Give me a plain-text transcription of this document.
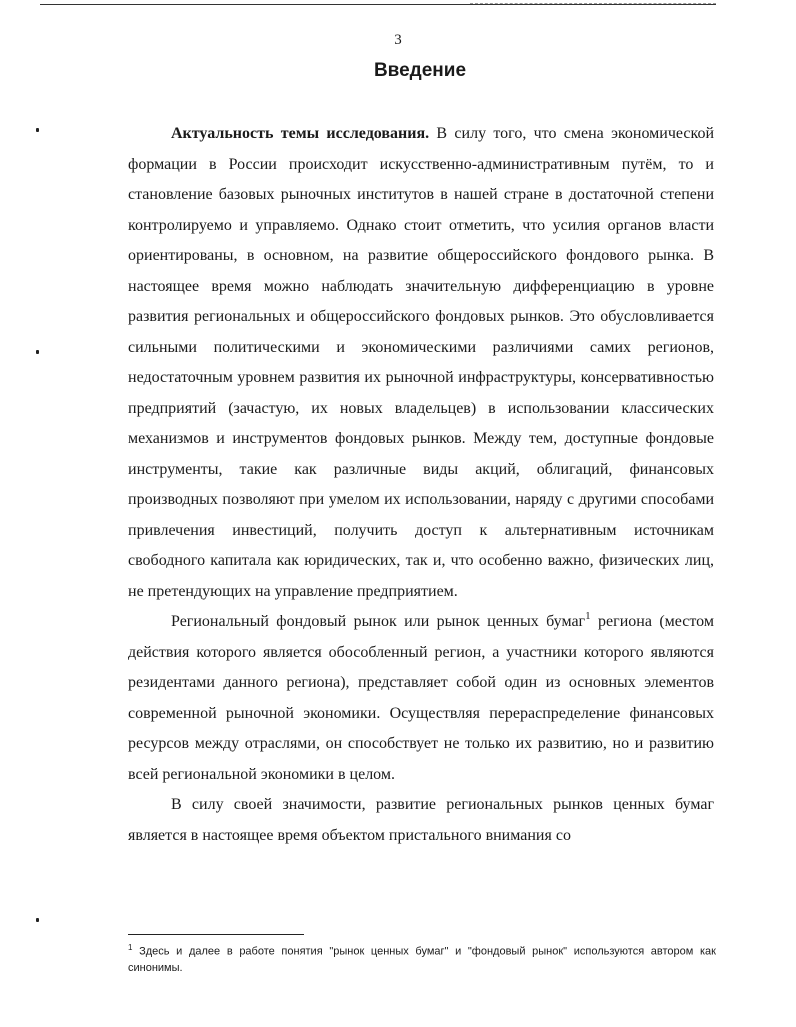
3
Введение

Актуальность темы исследования. В силу того, что смена экономической формации в России происходит искусственно-административным путём, то и становление базовых рыночных институтов в нашей стране в достаточной степени контролируемо и управляемо. Однако стоит отметить, что усилия органов власти ориентированы, в основном, на развитие общероссийского фондового рынка. В настоящее время можно наблюдать значительную дифференциацию в уровне развития региональных и общероссийского фондовых рынков. Это обусловливается сильными политическими и экономическими различиями самих регионов, недостаточным уровнем развития их рыночной инфраструктуры, консервативностью предприятий (зачастую, их новых владельцев) в использовании классических механизмов и инструментов фондовых рынков. Между тем, доступные фондовые инструменты, такие как различные виды акций, облигаций, финансовых производных позволяют при умелом их использовании, наряду с другими способами привлечения инвестиций, получить доступ к альтернативным источникам свободного капитала как юридических, так и, что особенно важно, физических лиц, не претендующих на управление предприятием.

Региональный фондовый рынок или рынок ценных бумаг$^1$ региона (местом действия которого является обособленный регион, а участники которого являются резидентами данного региона), представляет собой один из основных элементов современной рыночной экономики. Осуществляя перераспределение финансовых ресурсов между отраслями, он способствует не только их развитию, но и развитию всей региональной экономики в целом.

В силу своей значимости, развитие региональных рынков ценных бумаг является в настоящее время объектом пристального внимания со

$^1$ Здесь и далее в работе понятия "рынок ценных бумаг" и "фондовый рынок" используются автором как синонимы.
